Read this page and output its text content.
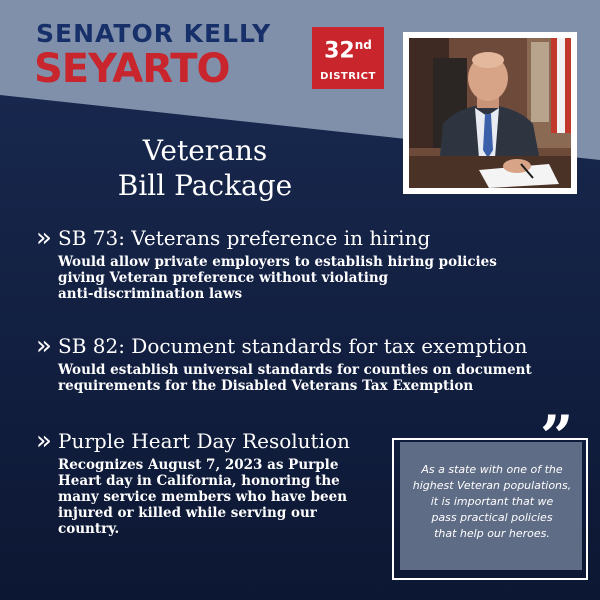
SENATOR KELLY
SEYARTO	32nd
DISTRICT
Veterans
Bill Package
» SB 73: Veterans preference in hiring
Would allow private employers to establish hiring policies
giving Veteran preference without violating
anti-discrimination laws
» SB 82: Document standards for tax exemption
Would establish universal standards for counties on document
requirements for the Disabled Veterans Tax Exemption
» Purple Heart Day Resolution
Recognizes August 7, 2023 as Purple
Heart day in California, honoring the
many service members who have been
injured or killed while serving our
country.
”
As a state with one of the
highest Veteran populations,
it is important that we
pass practical policies
that help our heroes.
